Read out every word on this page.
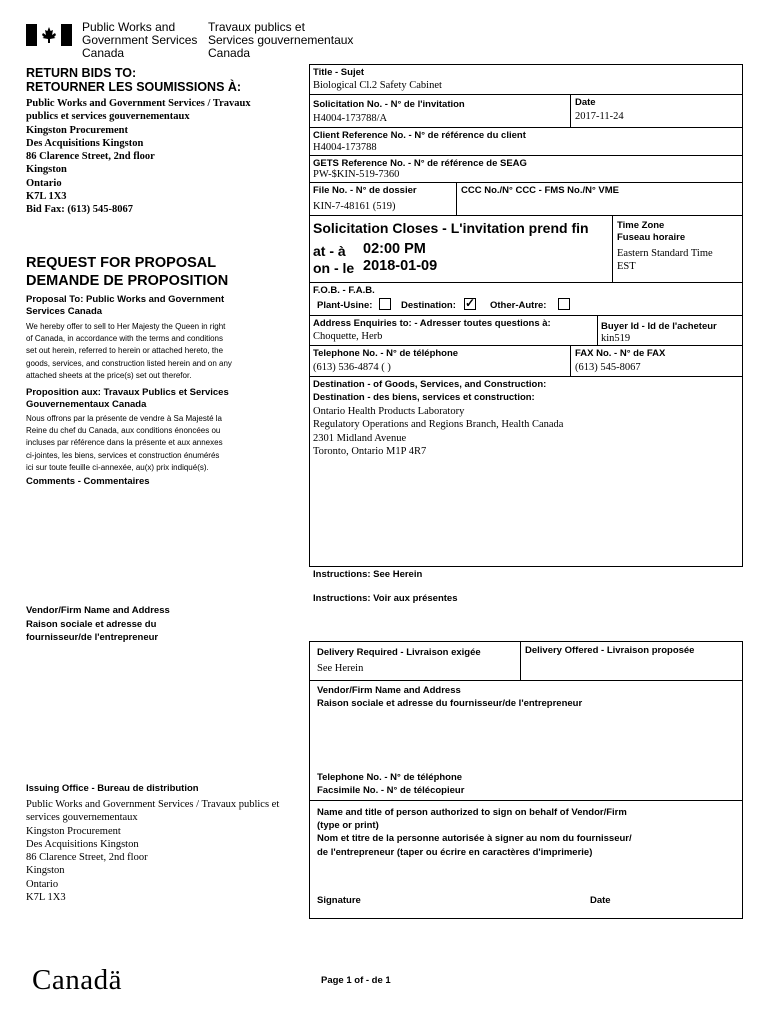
Public Works and
Government Services
Canada
Travaux publics et
Services gouvernementaux
Canada
RETURN BIDS TO:
RETOURNER LES SOUMISSIONS À:
Public Works and Government Services / Travaux
publics et services gouvernementaux
Kingston Procurement
Des Acquisitions Kingston
86 Clarence Street, 2nd floor
Kingston
Ontario
K7L 1X3
Bid Fax: (613) 545-8067
REQUEST FOR PROPOSAL
DEMANDE DE PROPOSITION
Proposal To: Public Works and Government
Services Canada
We hereby offer to sell to Her Majesty the Queen in right
of Canada, in accordance with the terms and conditions
set out herein, referred to herein or attached hereto, the
goods, services, and construction listed herein and on any
attached sheets at the price(s) set out therefor.
Proposition aux: Travaux Publics et Services
Gouvernementaux Canada
Nous offrons par la présente de vendre à Sa Majesté la
Reine du chef du Canada, aux conditions énoncées ou
incluses par référence dans la présente et aux annexes
ci-jointes, les biens, services et construction énumérés
ici sur toute feuille ci-annexée, au(x) prix indiqué(s).
Comments - Commentaires
Vendor/Firm Name and Address
Raison sociale et adresse du
fournisseur/de l'entrepreneur
Issuing Office - Bureau de distribution
Public Works and Government Services / Travaux publics et
services gouvernementaux
Kingston Procurement
Des Acquisitions Kingston
86 Clarence Street, 2nd floor
Kingston
Ontario
K7L 1X3
Title - Sujet
Biological Cl.2 Safety Cabinet
Solicitation No. - N° de l'invitation
H4004-173788/A
Date
2017-11-24
Client Reference No. - N° de référence du client
H4004-173788
GETS Reference No. - N° de référence de SEAG
PW-$KIN-519-7360
File No. - N° de dossier
KIN-7-48161 (519)
CCC No./N° CCC - FMS No./N° VME
Solicitation Closes - L'invitation prend fin
at - à 02:00 PM
on - le 2018-01-09
Time Zone
Fuseau horaire
Eastern Standard Time
EST
F.O.B. - F.A.B.
Plant-Usine:	Destination: ✓ Other-Autre:
Address Enquiries to: - Adresser toutes questions à:
Choquette, Herb
Buyer Id - Id de l'acheteur
kin519
Telephone No. - N° de téléphone
(613) 536-4874 ( )
FAX No. - N° de FAX
(613) 545-8067
Destination - of Goods, Services, and Construction:
Destination - des biens, services et construction:
Ontario Health Products Laboratory
Regulatory Operations and Regions Branch, Health Canada
2301 Midland Avenue
Toronto, Ontario M1P 4R7
Instructions: See Herein
Instructions: Voir aux présentes
Delivery Required - Livraison exigée
See Herein
Delivery Offered - Livraison proposée
Vendor/Firm Name and Address
Raison sociale et adresse du fournisseur/de l'entrepreneur
Telephone No. - N° de téléphone
Facsimile No. - N° de télécopieur
Name and title of person authorized to sign on behalf of Vendor/Firm
(type or print)
Nom et titre de la personne autorisée à signer au nom du fournisseur/
de l'entrepreneur (taper ou écrire en caractères d'imprimerie)
Signature	Date
Canadä	Page 1 of - de 1
